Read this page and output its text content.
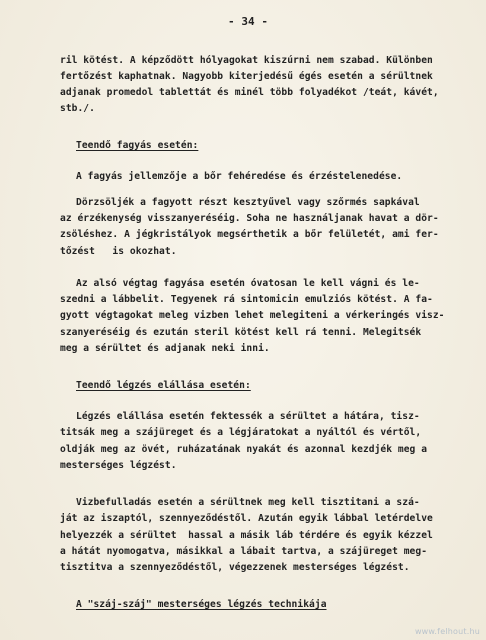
- 34 -
ril kötést. A képződött hólyagokat kiszúrni nem szabad. Különben
fertőzést kaphatnak. Nagyobb kiterjedésű égés esetén a sérültnek
adjanak promedol tablettát és minél több folyadékot /teát, kávét,
stb./.
Teendő fagyás esetén:
A fagyás jellemzője a bőr fehéredése és érzéstelenedése.
Dörzsöljék a fagyott részt kesztyűvel vagy szőrmés sapkával
az érzékenység visszanyeréséig. Soha ne használjanak havat a dör-
zsöléshez. A jégkristályok megsérthetik a bőr felületét, ami fer-
tőzést   is okozhat.
Az alsó végtag fagyása esetén óvatosan le kell vágni és le-
szedni a lábbelit. Tegyenek rá sintomicin emulziós kötést. A fa-
gyott végtagokat meleg vizben lehet melegiteni a vérkeringés visz-
szanyeréséig és ezután steril kötést kell rá tenni. Melegitsék
meg a sérültet és adjanak neki inni.
Teendő légzés elállása esetén:
Légzés elállása esetén fektessék a sérültet a hátára, tisz-
titsák meg a szájüreget és a légjáratokat a nyáltól és vértől,
oldják meg az övét, ruházatának nyakát és azonnal kezdjék meg a
mesterséges légzést.
Vizbefulladás esetén a sérültnek meg kell tisztitani a szá-
ját az iszaptól, szennyeződéstől. Azután egyik lábbal letérdelve
helyezzék a sérültet  hassal a másik láb térdére és egyik kézzel
a hátát nyomogatva, másikkal a lábait tartva, a szájüreget meg-
tisztitva a szennyeződéstől, végezzenek mesterséges légzést.
A "száj-száj" mesterséges légzés technikája
www.felhout.hu
